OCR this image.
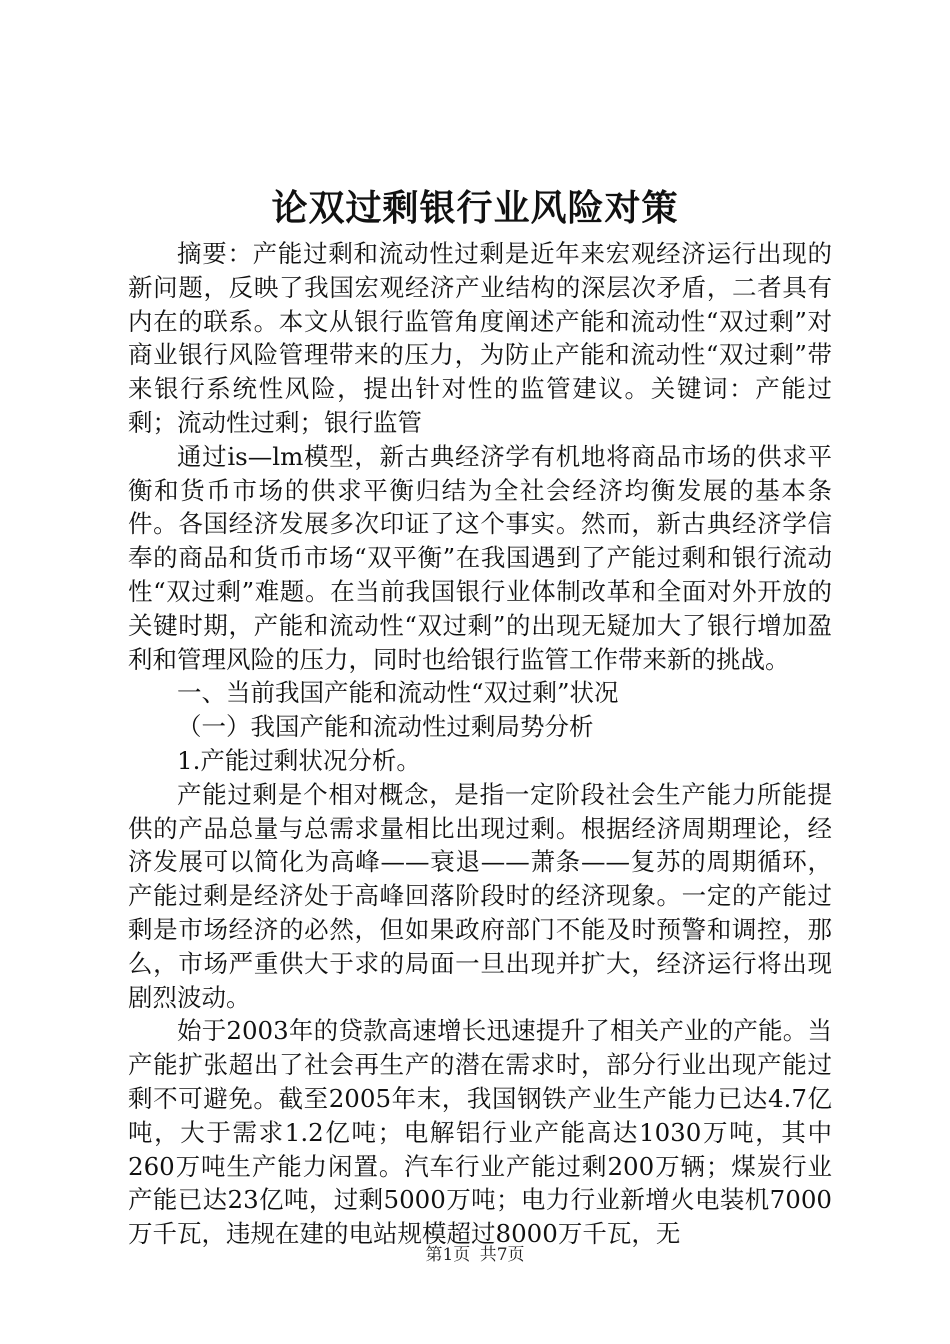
论双过剩银行业风险对策

摘要：产能过剩和流动性过剩是近年来宏观经济运行出现的新问题，反映了我国宏观经济产业结构的深层次矛盾，二者具有内在的联系。本文从银行监管角度阐述产能和流动性“双过剩”对商业银行风险管理带来的压力，为防止产能和流动性“双过剩”带来银行系统性风险，提出针对性的监管建议。关键词：产能过剩；流动性过剩；银行监管

通过is—lm模型，新古典经济学有机地将商品市场的供求平衡和货币市场的供求平衡归结为全社会经济均衡发展的基本条件。各国经济发展多次印证了这个事实。然而，新古典经济学信奉的商品和货币市场“双平衡”在我国遇到了产能过剩和银行流动性“双过剩”难题。在当前我国银行业体制改革和全面对外开放的关键时期，产能和流动性“双过剩”的出现无疑加大了银行增加盈利和管理风险的压力，同时也给银行监管工作带来新的挑战。

一、当前我国产能和流动性“双过剩”状况

（一）我国产能和流动性过剩局势分析

1.产能过剩状况分析。

产能过剩是个相对概念，是指一定阶段社会生产能力所能提供的产品总量与总需求量相比出现过剩。根据经济周期理论，经济发展可以简化为高峰——衰退——萧条——复苏的周期循环，产能过剩是经济处于高峰回落阶段时的经济现象。一定的产能过剩是市场经济的必然，但如果政府部门不能及时预警和调控，那么，市场严重供大于求的局面一旦出现并扩大，经济运行将出现剧烈波动。

始于2003年的贷款高速增长迅速提升了相关产业的产能。当产能扩张超出了社会再生产的潜在需求时，部分行业出现产能过剩不可避免。截至2005年末，我国钢铁产业生产能力已达4.7亿吨，大于需求1.2亿吨；电解铝行业产能高达1030万吨，其中260万吨生产能力闲置。汽车行业产能过剩200万辆；煤炭行业产能已达23亿吨，过剩5000万吨；电力行业新增火电装机7000万千瓦，违规在建的电站规模超过8000万千瓦，无

第1页 共7页
